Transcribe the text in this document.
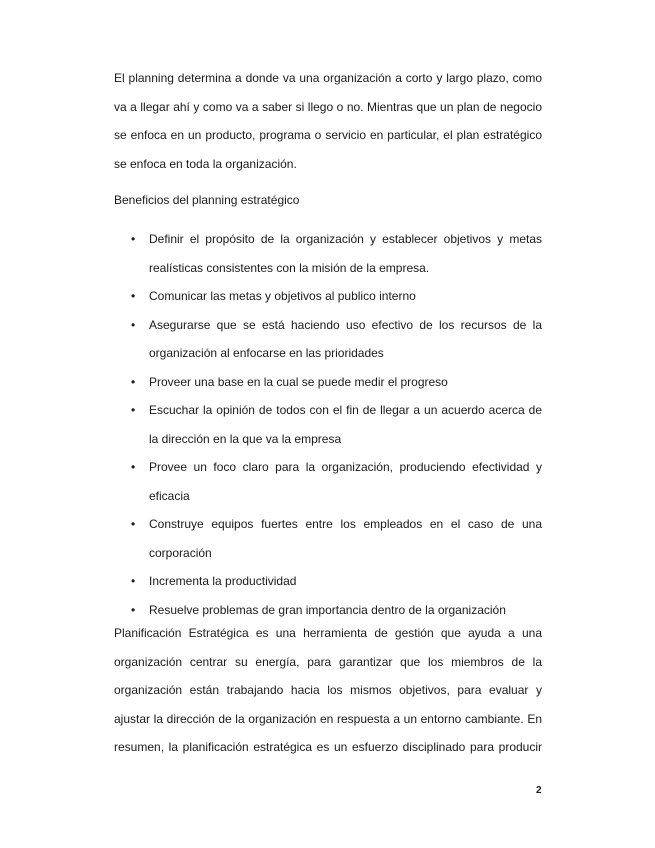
El planning determina a donde va una organización a corto y largo plazo, como
va a llegar ahí y como va a saber si llego o no. Mientras que un plan de negocio
se enfoca en un producto, programa o servicio en particular, el plan estratégico
se enfoca en toda la organización.

Beneficios del planning estratégico

• Definir el propósito de la organización y establecer objetivos y metas realísticas consistentes con la misión de la empresa.
• Comunicar las metas y objetivos al publico interno
• Asegurarse que se está haciendo uso efectivo de los recursos de la organización al enfocarse en las prioridades
• Proveer una base en la cual se puede medir el progreso
• Escuchar la opinión de todos con el fin de llegar a un acuerdo acerca de la dirección en la que va la empresa
• Provee un foco claro para la organización, produciendo efectividad y eficacia
• Construye equipos fuertes entre los empleados en el caso de una corporación
• Incrementa la productividad
• Resuelve problemas de gran importancia dentro de la organización

Planificación Estratégica es una herramienta de gestión que ayuda a una
organización centrar su energía, para garantizar que los miembros de la
organización están trabajando hacia los mismos objetivos, para evaluar y
ajustar la dirección de la organización en respuesta a un entorno cambiante. En
resumen, la planificación estratégica es un esfuerzo disciplinado para producir

2
